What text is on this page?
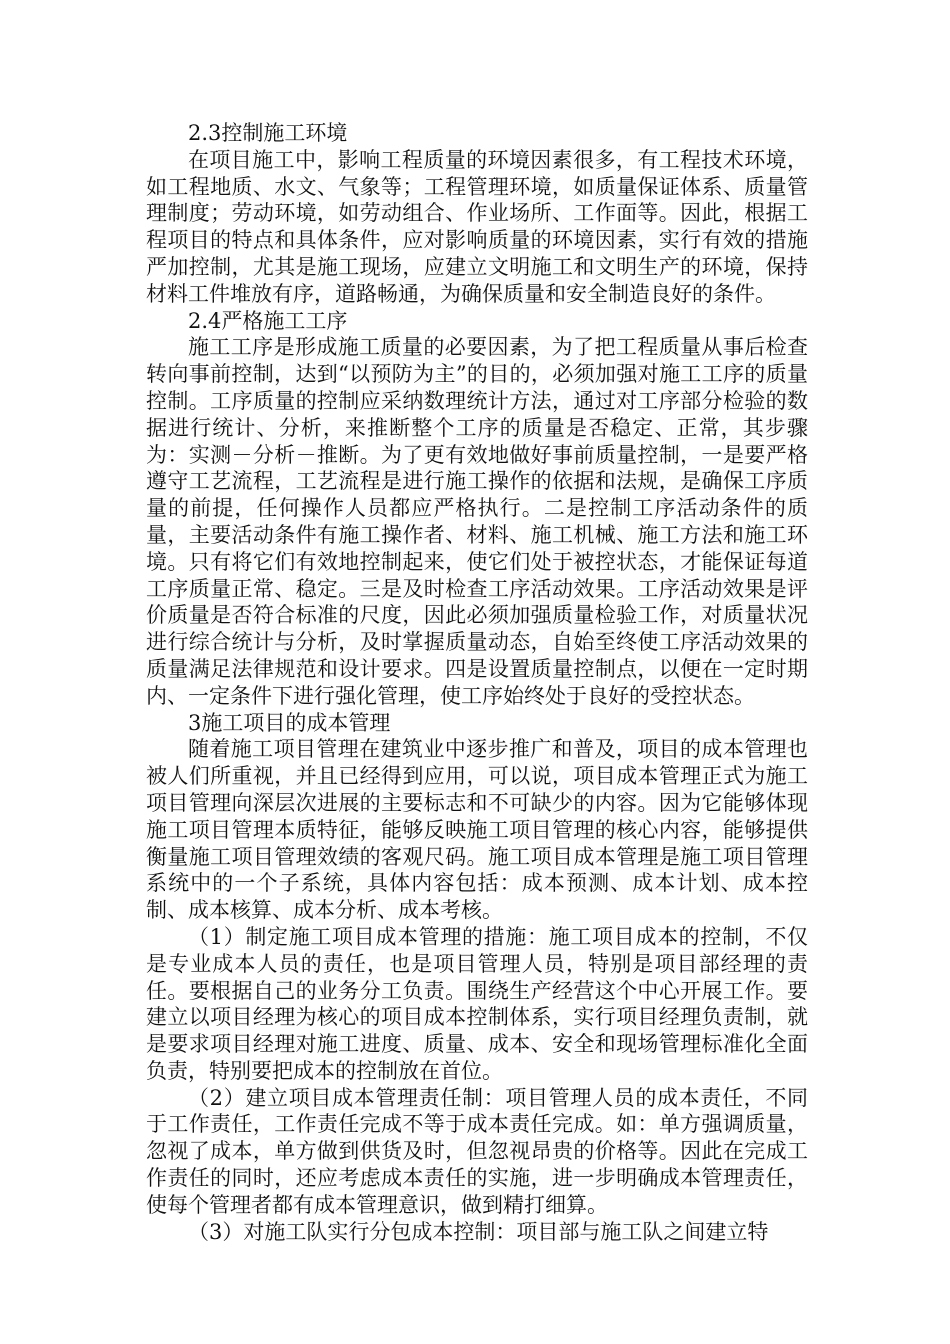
2.3控制施工环境

在项目施工中，影响工程质量的环境因素很多，有工程技术环境，如工程地质、水文、气象等；工程管理环境，如质量保证体系、质量管理制度；劳动环境，如劳动组合、作业场所、工作面等。因此，根据工程项目的特点和具体条件，应对影响质量的环境因素，实行有效的措施严加控制，尤其是施工现场，应建立文明施工和文明生产的环境，保持材料工件堆放有序，道路畅通，为确保质量和安全制造良好的条件。

2.4严格施工工序

施工工序是形成施工质量的必要因素，为了把工程质量从事后检查转向事前控制，达到“以预防为主”的目的，必须加强对施工工序的质量控制。工序质量的控制应采纳数理统计方法，通过对工序部分检验的数据进行统计、分析，来推断整个工序的质量是否稳定、正常，其步骤为：实测－分析－推断。为了更有效地做好事前质量控制，一是要严格遵守工艺流程，工艺流程是进行施工操作的依据和法规，是确保工序质量的前提，任何操作人员都应严格执行。二是控制工序活动条件的质量，主要活动条件有施工操作者、材料、施工机械、施工方法和施工环境。只有将它们有效地控制起来，使它们处于被控状态，才能保证每道工序质量正常、稳定。三是及时检查工序活动效果。工序活动效果是评价质量是否符合标准的尺度，因此必须加强质量检验工作，对质量状况进行综合统计与分析，及时掌握质量动态，自始至终使工序活动效果的质量满足法律规范和设计要求。四是设置质量控制点，以便在一定时期内、一定条件下进行强化管理，使工序始终处于良好的受控状态。

3施工项目的成本管理

随着施工项目管理在建筑业中逐步推广和普及，项目的成本管理也被人们所重视，并且已经得到应用，可以说，项目成本管理正式为施工项目管理向深层次进展的主要标志和不可缺少的内容。因为它能够体现施工项目管理本质特征，能够反映施工项目管理的核心内容，能够提供衡量施工项目管理效绩的客观尺码。施工项目成本管理是施工项目管理系统中的一个子系统，具体内容包括：成本预测、成本计划、成本控制、成本核算、成本分析、成本考核。

（1）制定施工项目成本管理的措施：施工项目成本的控制，不仅是专业成本人员的责任，也是项目管理人员，特别是项目部经理的责任。要根据自己的业务分工负责。围绕生产经营这个中心开展工作。要建立以项目经理为核心的项目成本控制体系，实行项目经理负责制，就是要求项目经理对施工进度、质量、成本、安全和现场管理标准化全面负责，特别要把成本的控制放在首位。

（2）建立项目成本管理责任制：项目管理人员的成本责任，不同于工作责任，工作责任完成不等于成本责任完成。如：单方强调质量，忽视了成本，单方做到供货及时，但忽视昂贵的价格等。因此在完成工作责任的同时，还应考虑成本责任的实施，进一步明确成本管理责任，使每个管理者都有成本管理意识，做到精打细算。

（3）对施工队实行分包成本控制：项目部与施工队之间建立特
